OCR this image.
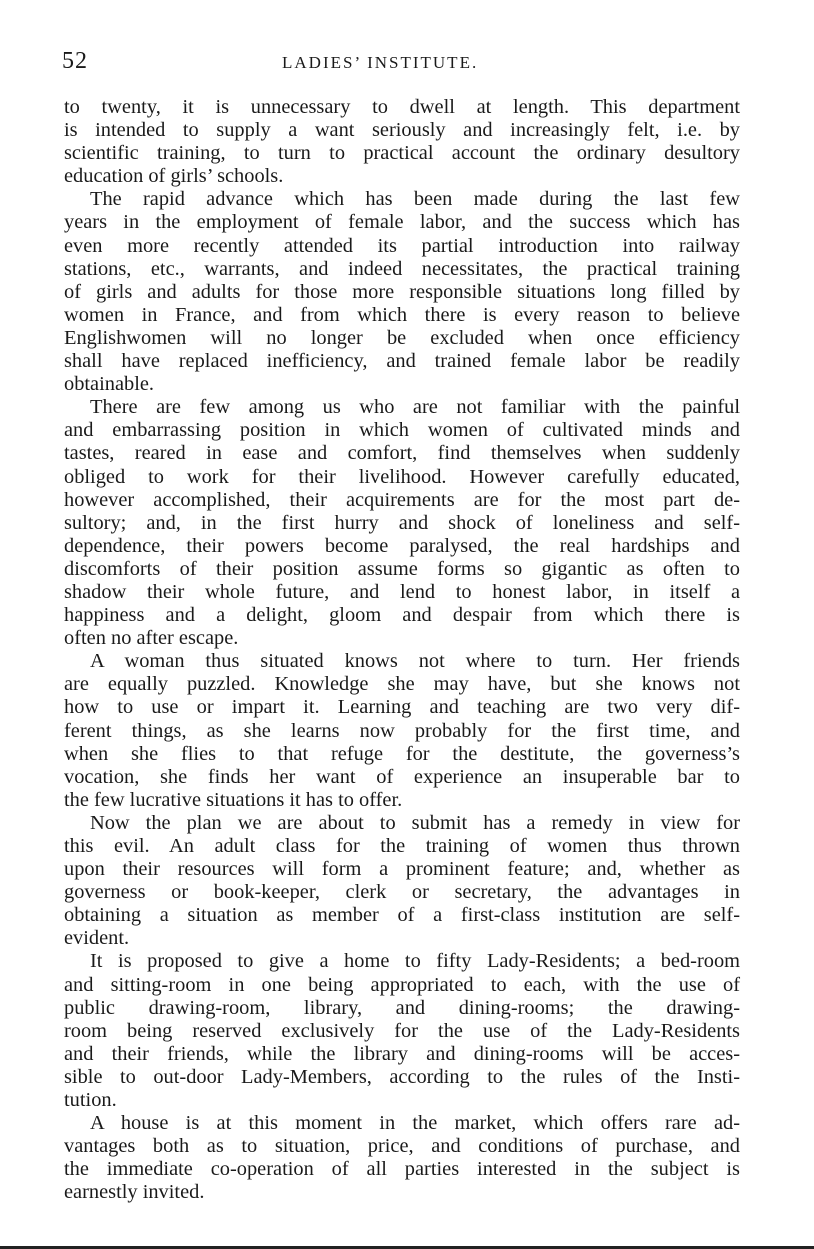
52	LADIES’ INSTITUTE.
to twenty, it is unnecessary to dwell at length. This department
is intended to supply a want seriously and increasingly felt, i.e. by
scientific training, to turn to practical account the ordinary desultory
education of girls’ schools.
The rapid advance which has been made during the last few
years in the employment of female labor, and the success which has
even more recently attended its partial introduction into railway
stations, etc., warrants, and indeed necessitates, the practical training
of girls and adults for those more responsible situations long filled by
women in France, and from which there is every reason to believe
Englishwomen will no longer be excluded when once efficiency
shall have replaced inefficiency, and trained female labor be readily
obtainable.
There are few among us who are not familiar with the painful
and embarrassing position in which women of cultivated minds and
tastes, reared in ease and comfort, find themselves when suddenly
obliged to work for their livelihood. However carefully educated,
however accomplished, their acquirements are for the most part de-
sultory; and, in the first hurry and shock of loneliness and self-
dependence, their powers become paralysed, the real hardships and
discomforts of their position assume forms so gigantic as often to
shadow their whole future, and lend to honest labor, in itself a
happiness and a delight, gloom and despair from which there is
often no after escape.
A woman thus situated knows not where to turn. Her friends
are equally puzzled. Knowledge she may have, but she knows not
how to use or impart it. Learning and teaching are two very dif-
ferent things, as she learns now probably for the first time, and
when she flies to that refuge for the destitute, the governess’s
vocation, she finds her want of experience an insuperable bar to
the few lucrative situations it has to offer.
Now the plan we are about to submit has a remedy in view for
this evil. An adult class for the training of women thus thrown
upon their resources will form a prominent feature; and, whether as
governess or book-keeper, clerk or secretary, the advantages in
obtaining a situation as member of a first-class institution are self-
evident.
It is proposed to give a home to fifty Lady-Residents; a bed-room
and sitting-room in one being appropriated to each, with the use of
public drawing-room, library, and dining-rooms; the drawing-
room being reserved exclusively for the use of the Lady-Residents
and their friends, while the library and dining-rooms will be acces-
sible to out-door Lady-Members, according to the rules of the Insti-
tution.
A house is at this moment in the market, which offers rare ad-
vantages both as to situation, price, and conditions of purchase, and
the immediate co-operation of all parties interested in the subject is
earnestly invited.
